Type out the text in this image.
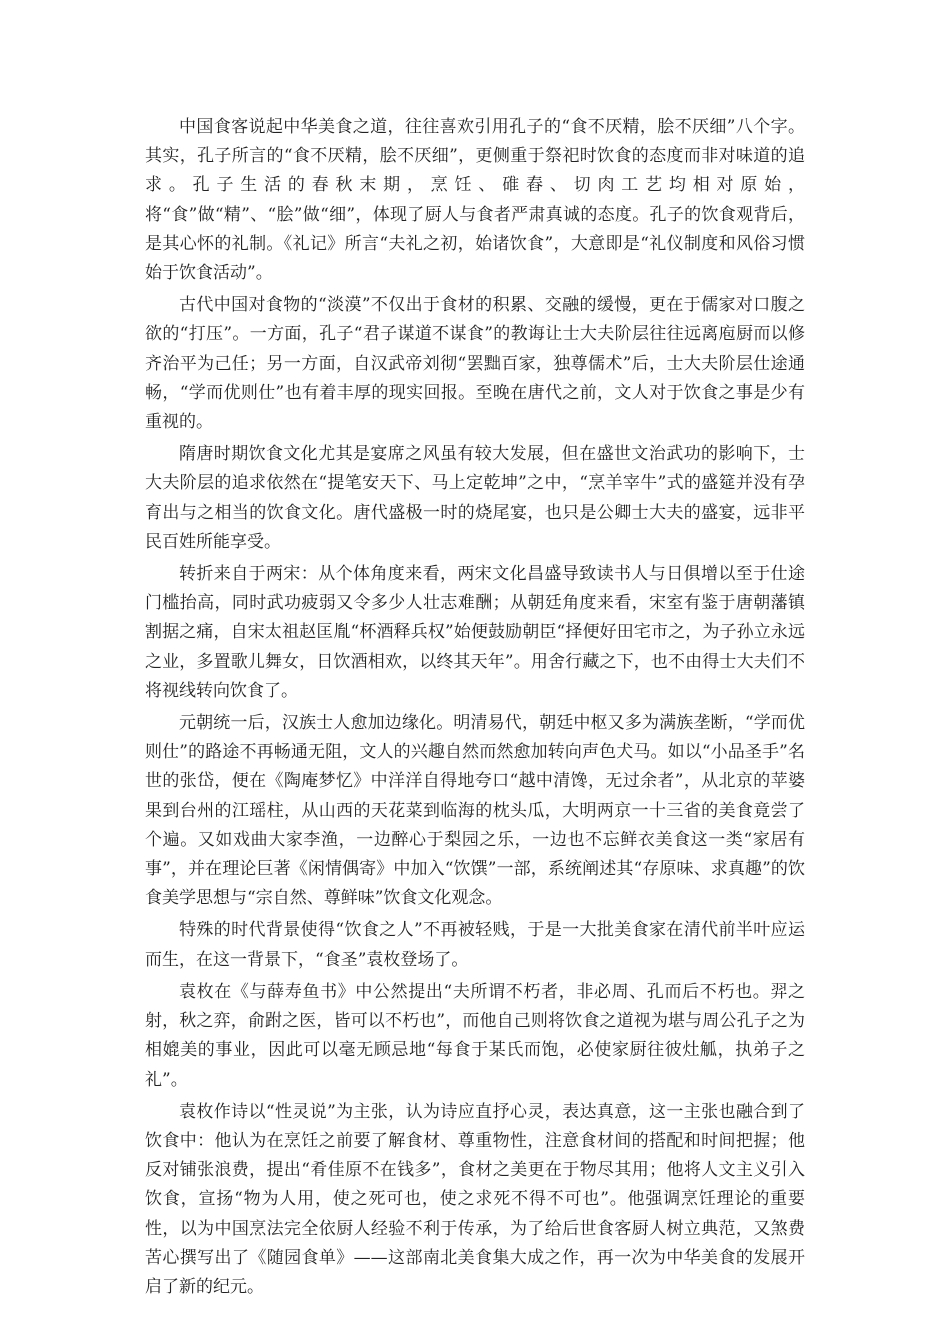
中国食客说起中华美食之道，往往喜欢引用孔子的“食不厌精，脍不厌细”八个字。其实，孔子所言的“食不厌精，脍不厌细”，更侧重于祭祀时饮食的态度而非对味道的追求。孔子生活的春秋末期，烹饪、碓舂、切肉工艺均相对原始，将“食”做“精”、“脍”做“细”，体现了厨人与食者严肃真诚的态度。孔子的饮食观背后，是其心怀的礼制。《礼记》所言“夫礼之初，始诸饮食”，大意即是“礼仪制度和风俗习惯始于饮食活动”。

古代中国对食物的“淡漠”不仅出于食材的积累、交融的缓慢，更在于儒家对口腹之欲的“打压”。一方面，孔子“君子谋道不谋食”的教诲让士大夫阶层往往远离庖厨而以修齐治平为己任；另一方面，自汉武帝刘彻“罢黜百家，独尊儒术”后，士大夫阶层仕途通畅，“学而优则仕”也有着丰厚的现实回报。至晚在唐代之前，文人对于饮食之事是少有重视的。

隋唐时期饮食文化尤其是宴席之风虽有较大发展，但在盛世文治武功的影响下，士大夫阶层的追求依然在“提笔安天下、马上定乾坤”之中，“烹羊宰牛”式的盛筵并没有孕育出与之相当的饮食文化。唐代盛极一时的烧尾宴，也只是公卿士大夫的盛宴，远非平民百姓所能享受。

转折来自于两宋：从个体角度来看，两宋文化昌盛导致读书人与日俱增以至于仕途门槛抬高，同时武功疲弱又令多少人壮志难酬；从朝廷角度来看，宋室有鉴于唐朝藩镇割据之痛，自宋太祖赵匡胤“杯酒释兵权”始便鼓励朝臣“择便好田宅市之，为子孙立永远之业，多置歌儿舞女，日饮酒相欢，以终其天年”。用舍行藏之下，也不由得士大夫们不将视线转向饮食了。

元朝统一后，汉族士人愈加边缘化。明清易代，朝廷中枢又多为满族垄断，“学而优则仕”的路途不再畅通无阻，文人的兴趣自然而然愈加转向声色犬马。如以“小品圣手”名世的张岱，便在《陶庵梦忆》中洋洋自得地夸口“越中清馋，无过余者”，从北京的苹婆果到台州的江瑶柱，从山西的天花菜到临海的枕头瓜，大明两京一十三省的美食竟尝了个遍。又如戏曲大家李渔，一边醉心于梨园之乐，一边也不忘鲜衣美食这一类“家居有事”，并在理论巨著《闲情偶寄》中加入“饮馔”一部，系统阐述其“存原味、求真趣”的饮食美学思想与“宗自然、尊鲜味”饮食文化观念。

特殊的时代背景使得“饮食之人”不再被轻贱，于是一大批美食家在清代前半叶应运而生，在这一背景下，“食圣”袁枚登场了。

袁枚在《与薛寿鱼书》中公然提出“夫所谓不朽者，非必周、孔而后不朽也。羿之射，秋之弈，俞跗之医，皆可以不朽也”，而他自己则将饮食之道视为堪与周公孔子之为相媲美的事业，因此可以毫无顾忌地“每食于某氏而饱，必使家厨往彼灶觚，执弟子之礼”。

袁枚作诗以“性灵说”为主张，认为诗应直抒心灵，表达真意，这一主张也融合到了饮食中：他认为在烹饪之前要了解食材、尊重物性，注意食材间的搭配和时间把握；他反对铺张浪费，提出“肴佳原不在钱多”，食材之美更在于物尽其用；他将人文主义引入饮食，宣扬“物为人用，使之死可也，使之求死不得不可也”。他强调烹饪理论的重要性，以为中国烹法完全依厨人经验不利于传承，为了给后世食客厨人树立典范，又煞费苦心撰写出了《随园食单》——这部南北美食集大成之作，再一次为中华美食的发展开启了新的纪元。
